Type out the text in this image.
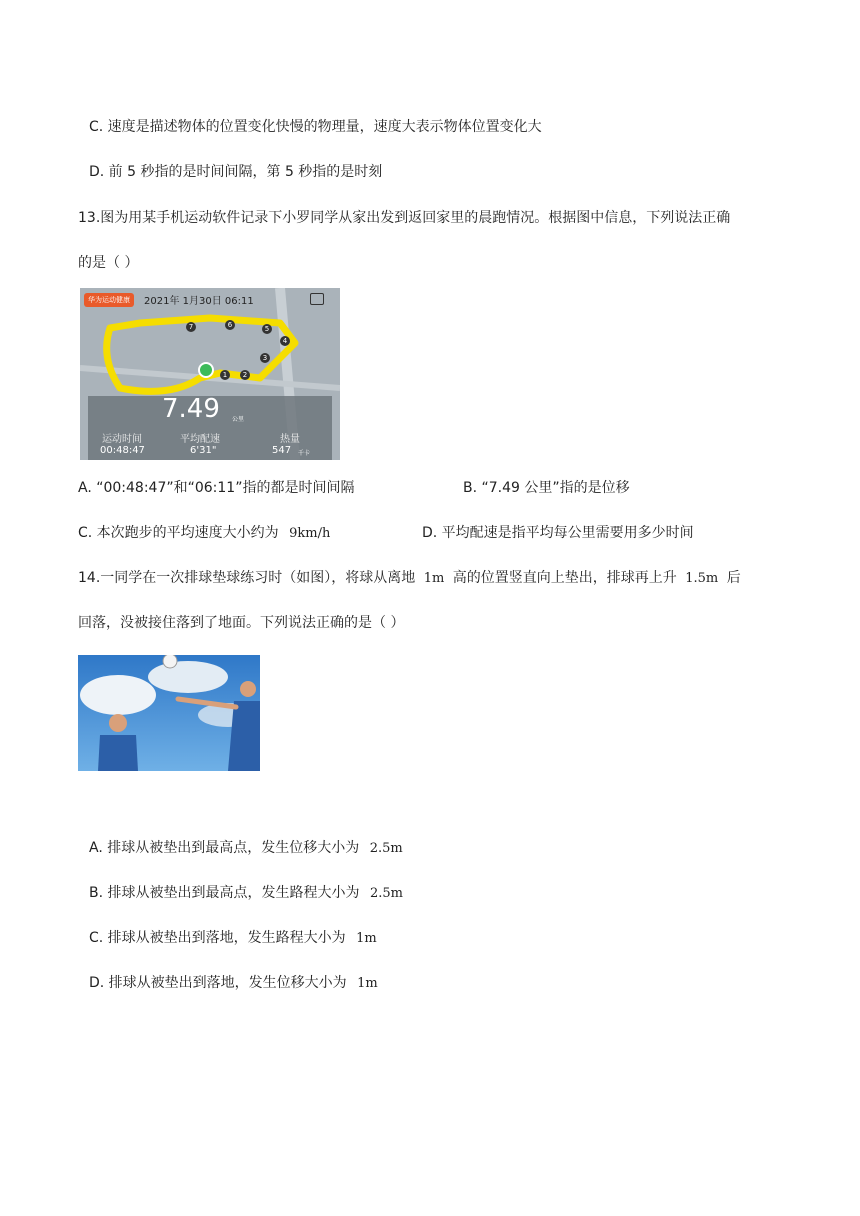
C. 速度是描述物体的位置变化快慢的物理量，速度大表示物体位置变化大
D. 前 5 秒指的是时间间隔，第 5 秒指的是时刻
13.图为用某手机运动软件记录下小罗同学从家出发到返回家里的晨跑情况。根据图中信息，下列说法正确
的是（ ）
华为运动健康	2021年 1月30日 06:11
7	6	5
4
3
2
1
7.49 公里
运动时间	平均配速	热量
00:48:47	6'31"	547 千卡
A. “00:48:47”和“06:11”指的都是时间间隔	B. “7.49 公里”指的是位移
C. 本次跑步的平均速度大小约为 9km/h	D. 平均配速是指平均每公里需要用多少时间
14.一同学在一次排球垫球练习时（如图），将球从离地 1m 高的位置竖直向上垫出，排球再上升 1.5m 后
回落，没被接住落到了地面。下列说法正确的是（ ）
A. 排球从被垫出到最高点，发生位移大小为 2.5m
B. 排球从被垫出到最高点，发生路程大小为 2.5m
C. 排球从被垫出到落地，发生路程大小为 1m
D. 排球从被垫出到落地，发生位移大小为 1m
